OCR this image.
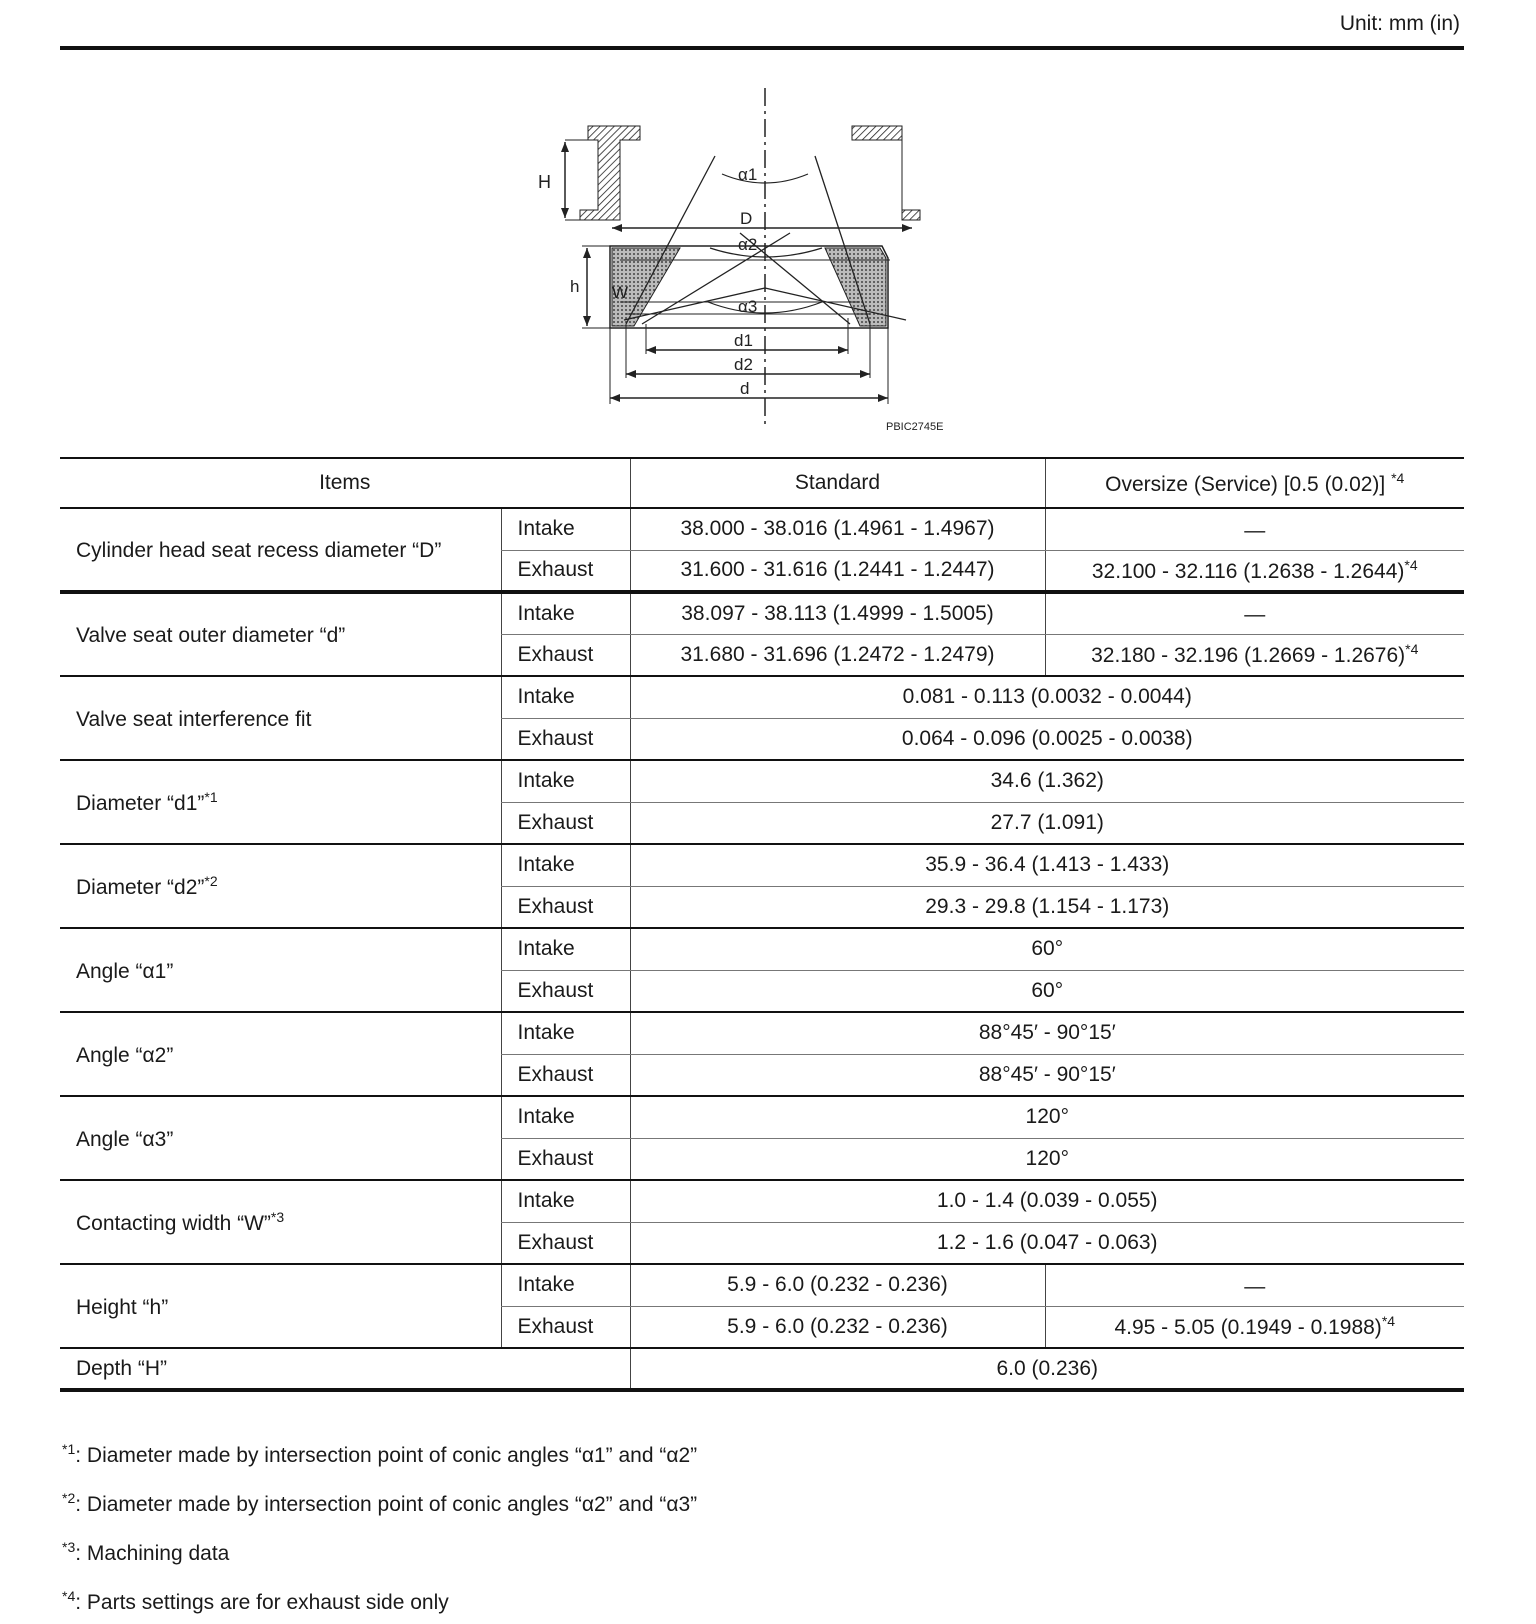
Unit: mm (in)
H
D
h W
α1
α2
α3
d1
d2
d
PBIC2745E
Items		Standard	Oversize (Service) [0.5 (0.02)] $^{*4}$
Cylinder head seat recess diameter “D”	Intake	38.000 - 38.016 (1.4961 - 1.4967)	—
	Exhaust	31.600 - 31.616 (1.2441 - 1.2447)	32.100 - 32.116 (1.2638 - 1.2644)$^{*4}$
Valve seat outer diameter “d”	Intake	38.097 - 38.113 (1.4999 - 1.5005)	—
	Exhaust	31.680 - 31.696 (1.2472 - 1.2479)	32.180 - 32.196 (1.2669 - 1.2676)$^{*4}$
Valve seat interference fit	Intake	0.081 - 0.113 (0.0032 - 0.0044)	
	Exhaust	0.064 - 0.096 (0.0025 - 0.0038)	
Diameter “d1”$^{*1}$	Intake	34.6 (1.362)	
	Exhaust	27.7 (1.091)	
Diameter “d2”$^{*2}$	Intake	35.9 - 36.4 (1.413 - 1.433)	
	Exhaust	29.3 - 29.8 (1.154 - 1.173)	
Angle “α1”	Intake	60°	
	Exhaust	60°	
Angle “α2”	Intake	88°45′ - 90°15′	
	Exhaust	88°45′ - 90°15′	
Angle “α3”	Intake	120°	
	Exhaust	120°	
Contacting width “W”$^{*3}$	Intake	1.0 - 1.4 (0.039 - 0.055)	
	Exhaust	1.2 - 1.6 (0.047 - 0.063)	
Height “h”	Intake	5.9 - 6.0 (0.232 - 0.236)	—
	Exhaust	5.9 - 6.0 (0.232 - 0.236)	4.95 - 5.05 (0.1949 - 0.1988)$^{*4}$
Depth “H”		6.0 (0.236)	
$^{*1}$: Diameter made by intersection point of conic angles “α1” and “α2”
$^{*2}$: Diameter made by intersection point of conic angles “α2” and “α3”
$^{*3}$: Machining data
$^{*4}$: Parts settings are for exhaust side only
